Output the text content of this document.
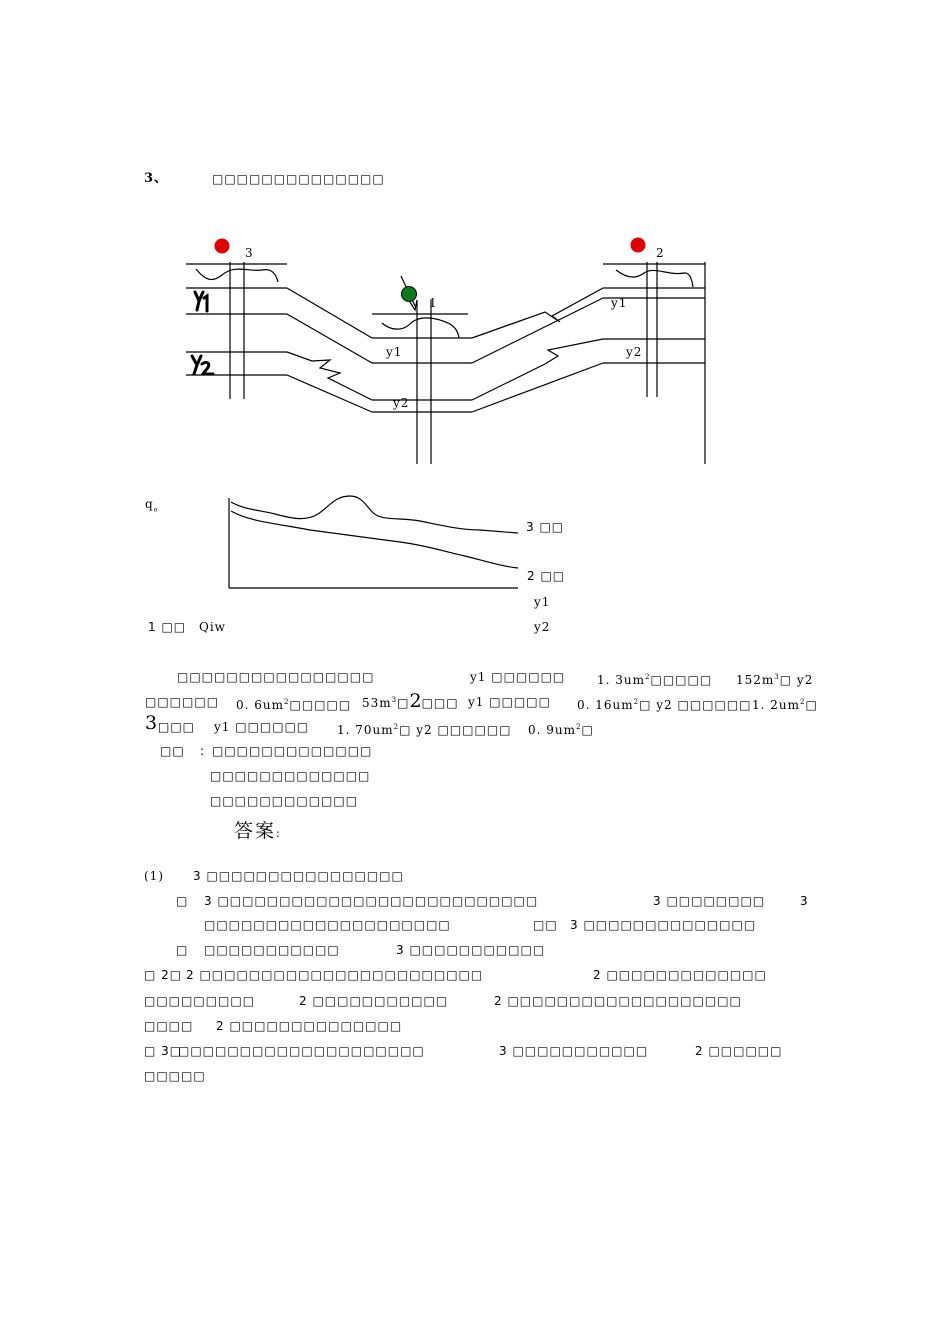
3、	□□□□□□□□□□□□□□
3	2
1
y1
y2
y1
y2
$q_o$
3 □□
2 □□
y1
y2
1 □□ Qiw
□□□□□□□□□□□□□□□□	y1 □□□□□□	1. $3um^2□□□□□$ $152m^3□$ y2
□□□□□□ 0. $6um^2□□□□□$ $53m^3□2□□□$ y1 □□□□□ 0. $16um^2□$ y2 □□□□□□ 1. $2um^2□$
3 □□□ y1 □□□□□□ 1. $70um^2□$ y2 □□□□□□ 0. $9um^2□$
□□ : □□□□□□□□□□□□□
□□□□□□□□□□□□□
□□□□□□□□□□□□
答案:
(1) 3 □□□□□□□□□□□□□□□□
□ 3 □□□□□□□□□□□□□□□□□□□□□□□□□□	3 □□□□□□□□	3
□□□□□□□□□□□□□□□□□□□□	□□ 3 □□□□□□□□□□□□□□
□ □□□□□□□□□□□	3 □□□□□□□□□□□
□ 2□ 2 □□□□□□□□□□□□□□□□□□□□□□□	2 □□□□□□□□□□□□□
□□□□□□□□□	2 □□□□□□□□□□□	2 □□□□□□□□□□□□□□□□□□□
□□□□ 2 □□□□□□□□□□□□□□
□ 3□
□□□□□□□□□□□□□□□□□□□□	3 □□□□□□□□□□□	2 □□□□□□
□□□□□
